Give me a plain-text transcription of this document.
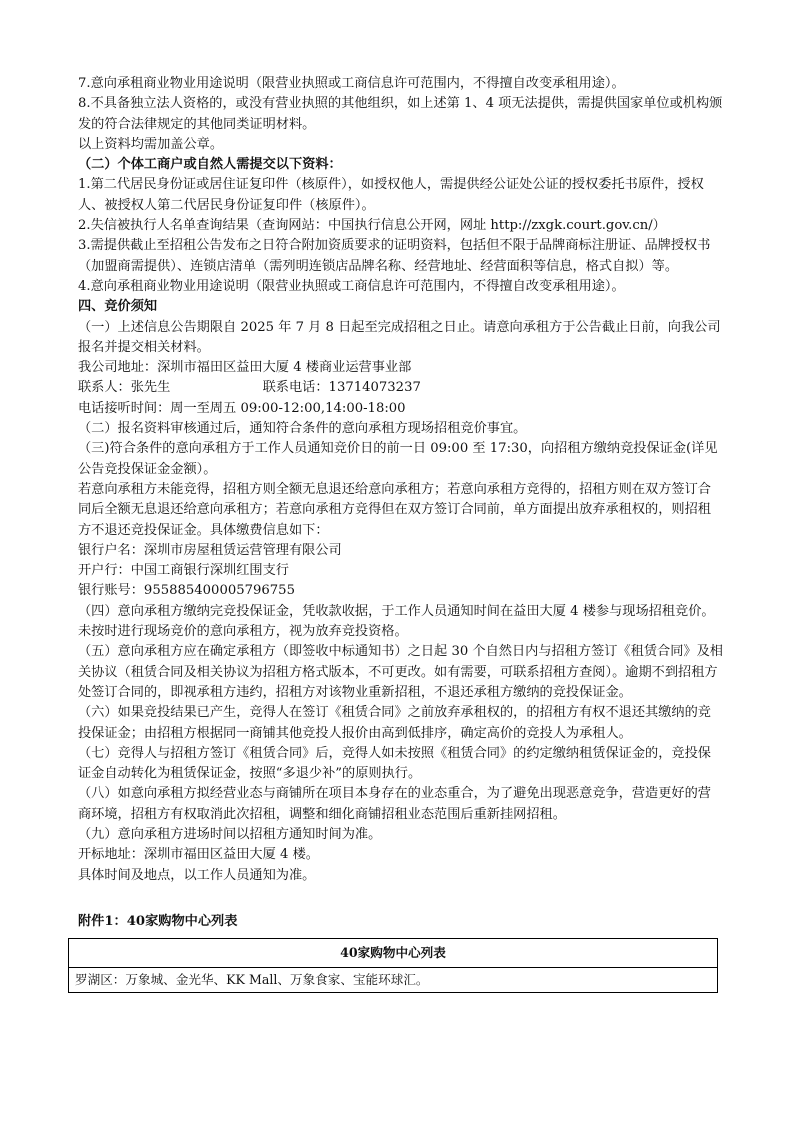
7.意向承租商业物业用途说明（限营业执照或工商信息许可范围内，不得擅自改变承租用途）。

8.不具备独立法人资格的，或没有营业执照的其他组织，如上述第 1、4 项无法提供，需提供国家单位或机构颁发的符合法律规定的其他同类证明材料。

以上资料均需加盖公章。

（二）个体工商户或自然人需提交以下资料：

1.第二代居民身份证或居住证复印件（核原件），如授权他人，需提供经公证处公证的授权委托书原件，授权人、被授权人第二代居民身份证复印件（核原件）。

2.失信被执行人名单查询结果（查询网站：中国执行信息公开网，网址 http://zxgk.court.gov.cn/）

3.需提供截止至招租公告发布之日符合附加资质要求的证明资料，包括但不限于品牌商标注册证、品牌授权书（加盟商需提供）、连锁店清单（需列明连锁店品牌名称、经营地址、经营面积等信息，格式自拟）等。

4.意向承租商业物业用途说明（限营业执照或工商信息许可范围内，不得擅自改变承租用途）。

四、竞价须知

（一）上述信息公告期限自 2025 年 7 月 8 日起至完成招租之日止。请意向承租方于公告截止日前，向我公司报名并提交相关材料。

我公司地址：深圳市福田区益田大厦 4 楼商业运营事业部

联系人：张先生　　　　　　　联系电话：13714073237

电话接听时间：周一至周五 09:00-12:00,14:00-18:00

（二）报名资料审核通过后，通知符合条件的意向承租方现场招租竞价事宜。

（三)符合条件的意向承租方于工作人员通知竞价日的前一日 09:00 至 17:30，向招租方缴纳竞投保证金(详见公告竞投保证金金额）。

若意向承租方未能竞得，招租方则全额无息退还给意向承租方；若意向承租方竞得的，招租方则在双方签订合同后全额无息退还给意向承租方；若意向承租方竞得但在双方签订合同前，单方面提出放弃承租权的，则招租方不退还竞投保证金。具体缴费信息如下：

银行户名：深圳市房屋租赁运营管理有限公司

开户行：中国工商银行深圳红围支行

银行账号：955885400005796755

（四）意向承租方缴纳完竞投保证金，凭收款收据，于工作人员通知时间在益田大厦 4 楼参与现场招租竞价。未按时进行现场竞价的意向承租方，视为放弃竞投资格。

（五）意向承租方应在确定承租方（即签收中标通知书）之日起 30 个自然日内与招租方签订《租赁合同》及相关协议（租赁合同及相关协议为招租方格式版本，不可更改。如有需要，可联系招租方查阅）。逾期不到招租方处签订合同的，即视承租方违约，招租方对该物业重新招租，不退还承租方缴纳的竞投保证金。

（六）如果竞投结果已产生，竞得人在签订《租赁合同》之前放弃承租权的，的招租方有权不退还其缴纳的竞投保证金；由招租方根据同一商铺其他竞投人报价由高到低排序，确定高价的竞投人为承租人。

（七）竞得人与招租方签订《租赁合同》后，竞得人如未按照《租赁合同》的约定缴纳租赁保证金的，竞投保证金自动转化为租赁保证金，按照“多退少补”的原则执行。

（八）如意向承租方拟经营业态与商铺所在项目本身存在的业态重合，为了避免出现恶意竞争，营造更好的营商环境，招租方有权取消此次招租，调整和细化商铺招租业态范围后重新挂网招租。

（九）意向承租方进场时间以招租方通知时间为准。

开标地址：深圳市福田区益田大厦 4 楼。

具体时间及地点，以工作人员通知为准。

附件1：40家购物中心列表

40家购物中心列表
罗湖区：万象城、金光华、KK Mall、万象食家、宝能环球汇。
